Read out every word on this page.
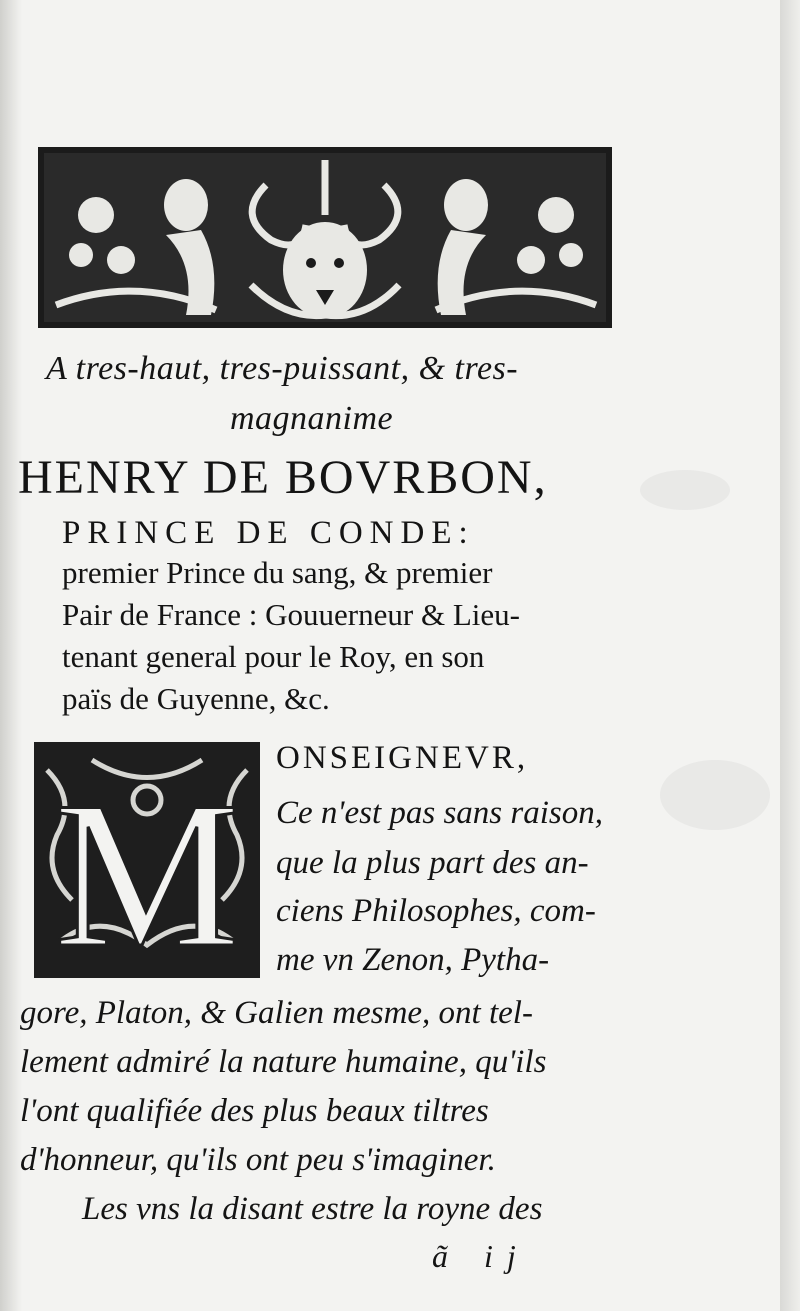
A tres-haut, tres-puissant, & tres-
magnanime
HENRY DE BOVRBON,
PRINCE DE CONDE:
premier Prince du sang, & premier
Pair de France : Gouuerneur & Lieu-
tenant general pour le Roy, en son
païs de Guyenne, &c.
M
ONSEIGNEVR,
Ce n'est pas sans raison,
que la plus part des an-
ciens Philosophes, com-
me vn Zenon, Pytha-
gore, Platon, & Galien mesme, ont tel-
lement admiré la nature humaine, qu'ils
l'ont qualifiée des plus beaux tiltres
d'honneur, qu'ils ont peu s'imaginer.
Les vns la disant estre la royne des
ã ij
